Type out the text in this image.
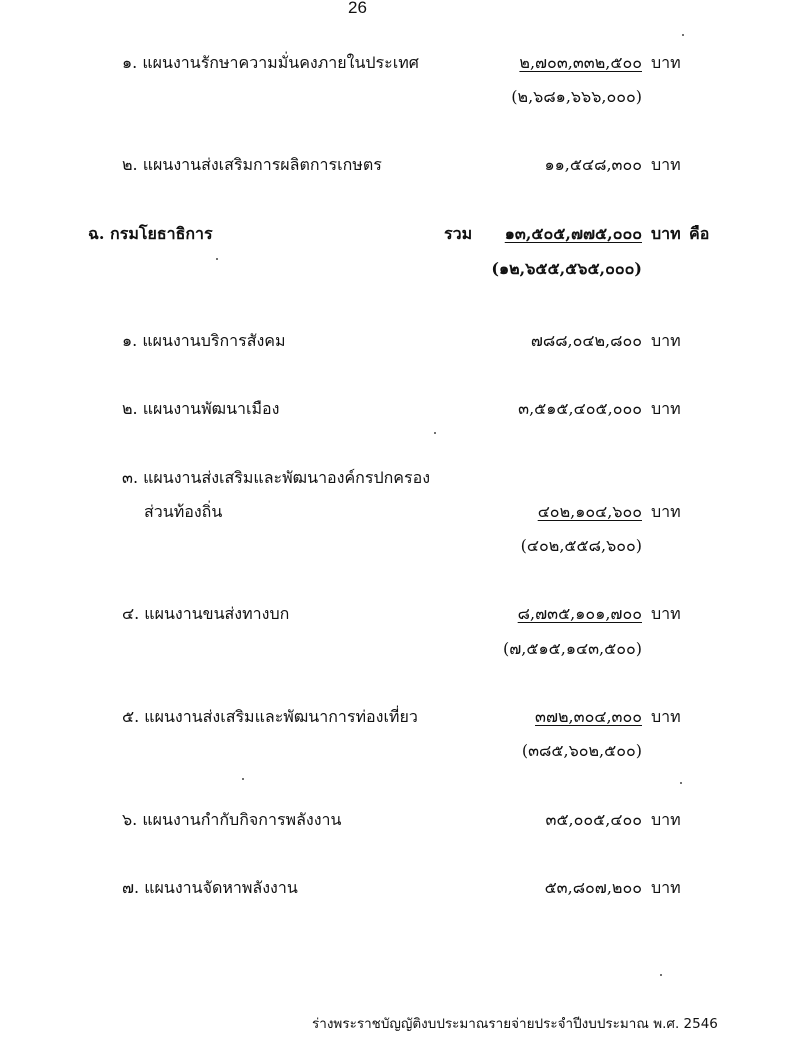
26
๑. แผนงานรักษาความมั่นคงภายในประเทศ	๒,๗๐๓,๓๓๒,๕๐๐ บาท
(๒,๖๘๑,๖๖๖,๐๐๐)
๒. แผนงานส่งเสริมการผลิตการเกษตร	๑๑,๕๔๘,๓๐๐ บาท
ฉ. กรมโยธาธิการ	รวม	๑๓,๕๐๕,๗๗๕,๐๐๐ บาท คือ
(๑๒,๖๕๕,๕๖๕,๐๐๐)
๑. แผนงานบริการสังคม	๗๘๘,๐๔๒,๘๐๐ บาท
๒. แผนงานพัฒนาเมือง	๓,๕๑๕,๔๐๕,๐๐๐ บาท
๓. แผนงานส่งเสริมและพัฒนาองค์กรปกครอง
ส่วนท้องถิ่น	๔๐๒,๑๐๔,๖๐๐ บาท
(๔๐๒,๕๕๘,๖๐๐)
๔. แผนงานขนส่งทางบก	๘,๗๓๕,๑๐๑,๗๐๐ บาท
(๗,๕๑๕,๑๔๓,๕๐๐)
๕. แผนงานส่งเสริมและพัฒนาการท่องเที่ยว	๓๗๒,๓๐๔,๓๐๐ บาท
(๓๘๕,๖๐๒,๕๐๐)
๖. แผนงานกำกับกิจการพลังงาน	๓๕,๐๐๕,๔๐๐ บาท
๗. แผนงานจัดหาพลังงาน	๕๓,๘๐๗,๒๐๐ บาท
ร่างพระราชบัญญัติงบประมาณรายจ่ายประจำปีงบประมาณ พ.ศ. 2546
